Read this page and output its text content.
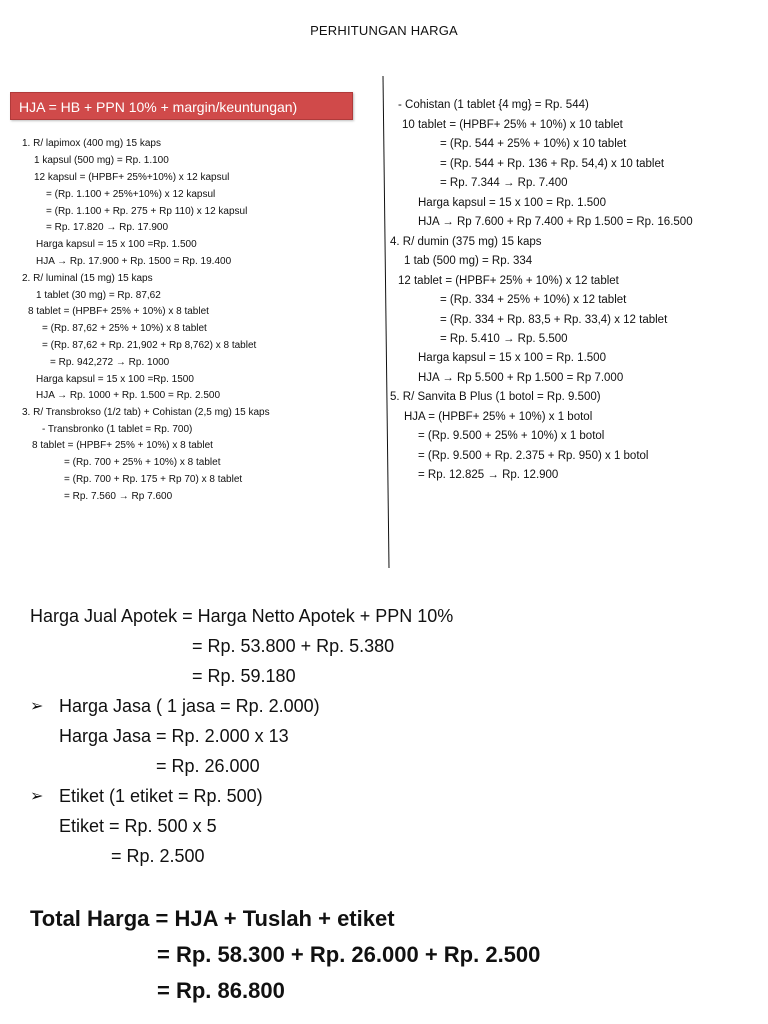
PERHITUNGAN HARGA
HJA = HB + PPN 10% + margin/keuntungan)
1. R/ lapimox (400 mg) 15 kaps
1 kapsul (500 mg) = Rp. 1.100
12 kapsul = (HPBF+ 25%+10%) x 12 kapsul
= (Rp. 1.100 + 25%+10%) x 12 kapsul
= (Rp. 1.100 + Rp. 275 + Rp 110) x 12 kapsul
= Rp. 17.820 → Rp. 17.900
Harga kapsul = 15 x 100 =Rp. 1.500
HJA → Rp. 17.900 + Rp. 1500 = Rp. 19.400
2. R/ luminal (15 mg) 15 kaps
1 tablet (30 mg) = Rp. 87,62
8 tablet = (HPBF+ 25% + 10%) x 8 tablet
= (Rp. 87,62 + 25% + 10%) x 8 tablet
= (Rp. 87,62 + Rp. 21,902 + Rp 8,762) x 8 tablet
= Rp. 942,272 → Rp. 1000
Harga kapsul = 15 x 100 =Rp. 1500
HJA → Rp. 1000 + Rp. 1.500 = Rp. 2.500
3. R/ Transbrokso (1/2 tab) + Cohistan (2,5 mg) 15 kaps
- Transbronko (1 tablet = Rp. 700)
8 tablet = (HPBF+ 25% + 10%) x 8 tablet
= (Rp. 700 + 25% + 10%) x 8 tablet
= (Rp. 700 + Rp. 175 + Rp 70) x 8 tablet
= Rp. 7.560 → Rp 7.600
- Cohistan (1 tablet {4 mg} = Rp. 544)
10 tablet = (HPBF+ 25% + 10%) x 10 tablet
= (Rp. 544 + 25% + 10%) x 10 tablet
= (Rp. 544 + Rp. 136 + Rp. 54,4) x 10 tablet
= Rp. 7.344 → Rp. 7.400
Harga kapsul = 15 x 100 = Rp. 1.500
HJA → Rp 7.600 + Rp 7.400 + Rp 1.500 = Rp. 16.500
4. R/ dumin (375 mg) 15 kaps
1 tab (500 mg) = Rp. 334
12 tablet = (HPBF+ 25% + 10%) x 12 tablet
= (Rp. 334 + 25% + 10%) x 12 tablet
= (Rp. 334 + Rp. 83,5 + Rp. 33,4) x 12 tablet
= Rp. 5.410 → Rp. 5.500
Harga kapsul = 15 x 100 = Rp. 1.500
HJA → Rp 5.500 + Rp 1.500 = Rp 7.000
5. R/ Sanvita B Plus (1 botol = Rp. 9.500)
HJA = (HPBF+ 25% + 10%) x 1 botol
= (Rp. 9.500 + 25% + 10%) x 1 botol
= (Rp. 9.500 + Rp. 2.375 + Rp. 950) x 1 botol
= Rp. 12.825 → Rp. 12.900
Harga Jual Apotek = Harga Netto Apotek + PPN 10%
= Rp. 53.800 + Rp. 5.380
= Rp. 59.180
➢ Harga Jasa ( 1 jasa = Rp. 2.000)
Harga Jasa = Rp. 2.000 x 13
= Rp. 26.000
➢ Etiket (1 etiket = Rp. 500)
Etiket = Rp. 500 x 5
= Rp. 2.500
Total Harga = HJA + Tuslah + etiket
= Rp. 58.300 + Rp. 26.000 + Rp. 2.500
= Rp. 86.800
